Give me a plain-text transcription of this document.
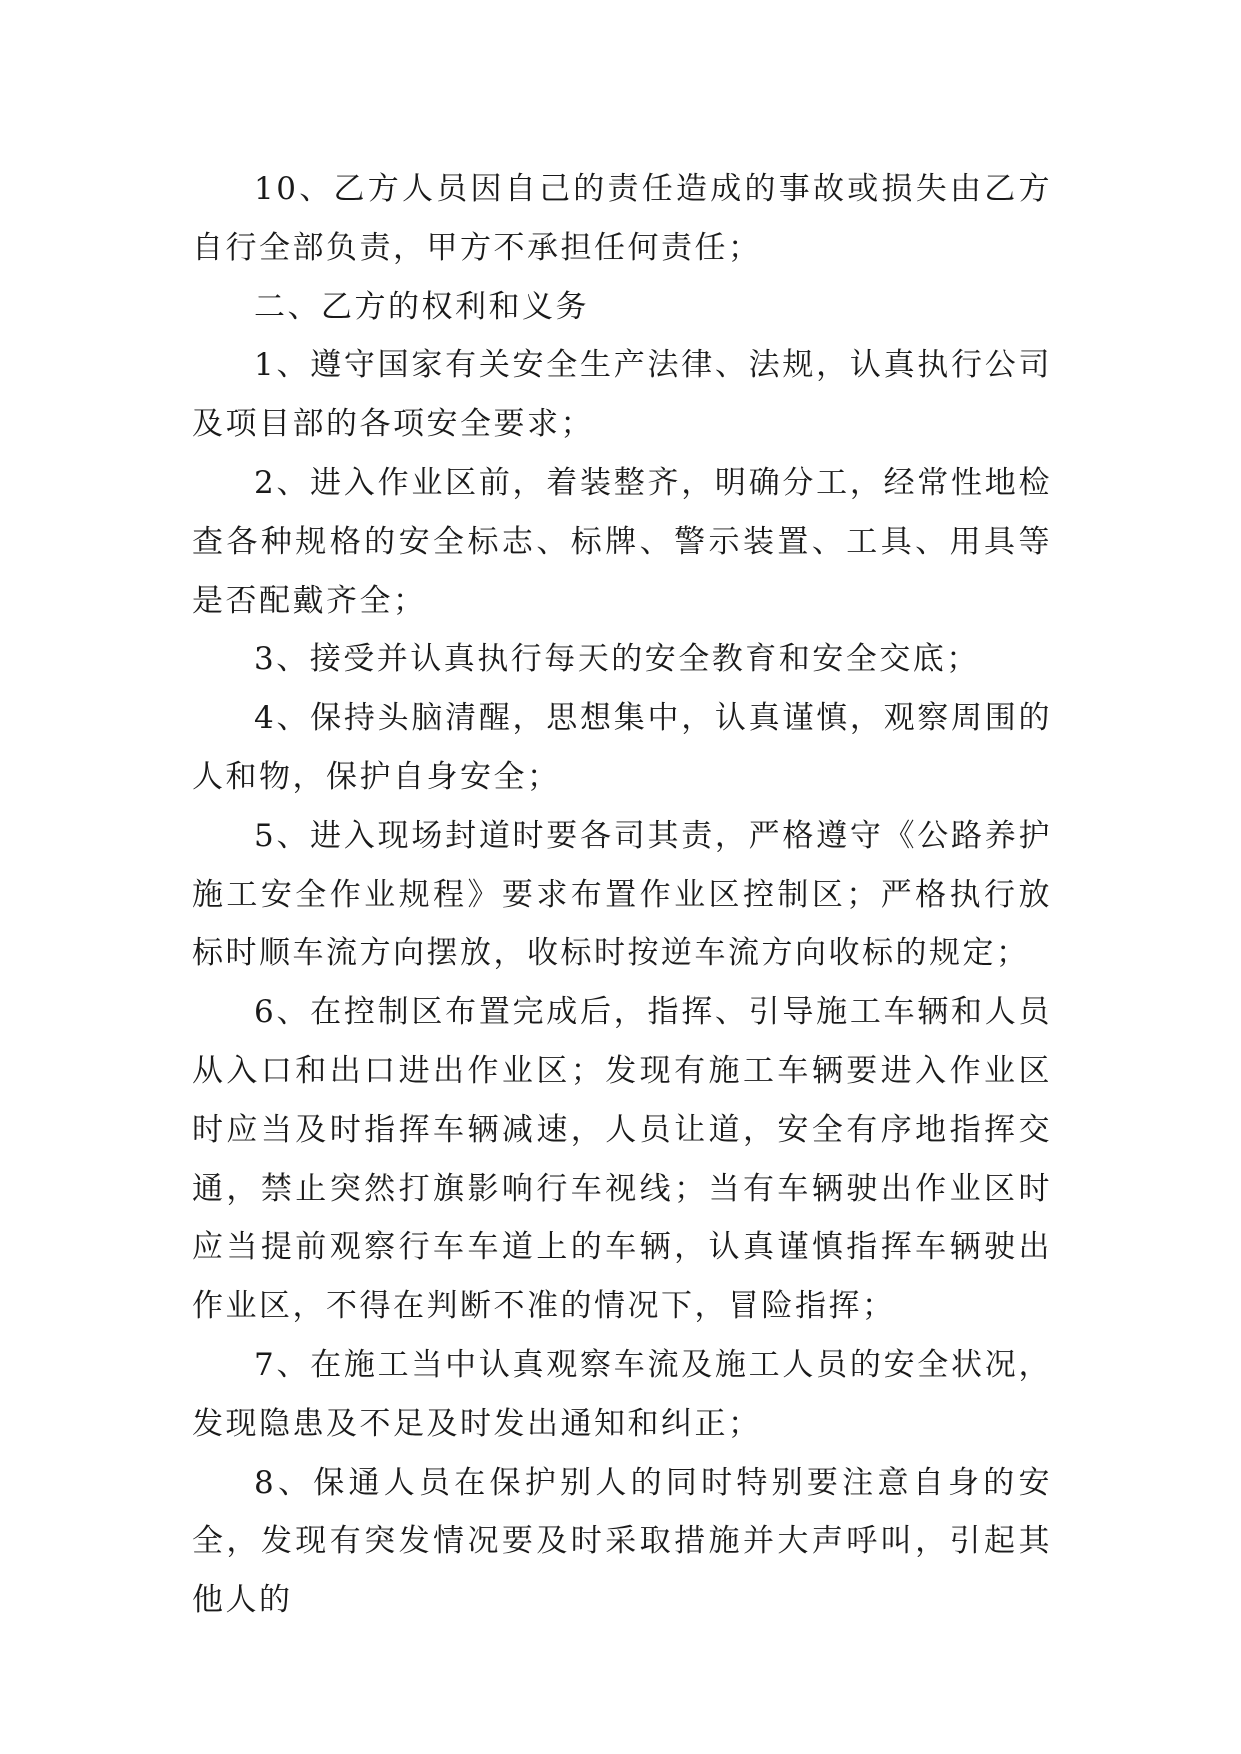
10、乙方人员因自己的责任造成的事故或损失由乙方自行全部负责，甲方不承担任何责任；

二、乙方的权利和义务

1、遵守国家有关安全生产法律、法规，认真执行公司及项目部的各项安全要求；

2、进入作业区前，着装整齐，明确分工，经常性地检查各种规格的安全标志、标牌、警示装置、工具、用具等是否配戴齐全；

3、接受并认真执行每天的安全教育和安全交底；

4、保持头脑清醒，思想集中，认真谨慎，观察周围的人和物，保护自身安全；

5、进入现场封道时要各司其责，严格遵守《公路养护施工安全作业规程》要求布置作业区控制区；严格执行放标时顺车流方向摆放，收标时按逆车流方向收标的规定；

6、在控制区布置完成后，指挥、引导施工车辆和人员从入口和出口进出作业区；发现有施工车辆要进入作业区时应当及时指挥车辆减速，人员让道，安全有序地指挥交通，禁止突然打旗影响行车视线；当有车辆驶出作业区时应当提前观察行车车道上的车辆，认真谨慎指挥车辆驶出作业区，不得在判断不准的情况下，冒险指挥；

7、在施工当中认真观察车流及施工人员的安全状况，发现隐患及不足及时发出通知和纠正；

8、保通人员在保护别人的同时特别要注意自身的安全，发现有突发情况要及时采取措施并大声呼叫，引起其他人的
